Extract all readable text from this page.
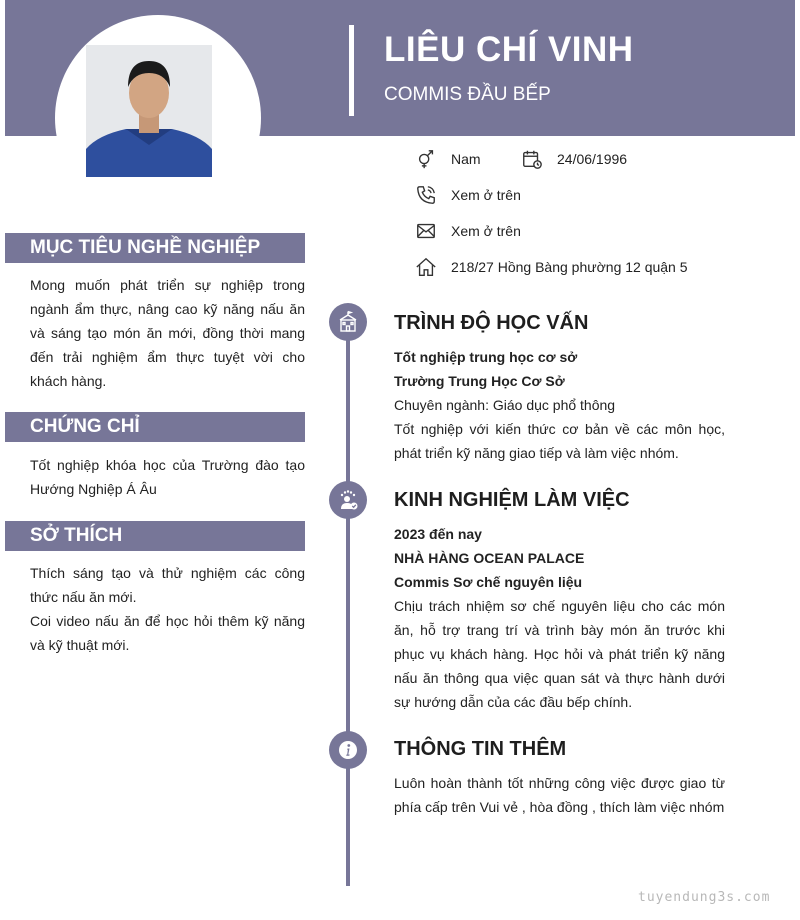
LIÊU CHÍ VINH
COMMIS ĐẦU BẾP
Nam	24/06/1996
Xem ở trên
Xem ở trên
218/27 Hồng Bàng phường 12 quận 5
MỤC TIÊU NGHỀ NGHIỆP

Mong muốn phát triển sự nghiệp trong ngành ẩm thực, nâng cao kỹ năng nấu ăn và sáng tạo món ăn mới, đồng thời mang đến trải nghiệm ẩm thực tuyệt vời cho khách hàng.

CHỨNG CHỈ

Tốt nghiệp khóa học của Trường đào tạo Hướng Nghiệp Á Âu

SỞ THÍCH

Thích sáng tạo và thử nghiệm các công thức nấu ăn mới.

Coi video nấu ăn để học hỏi thêm kỹ năng và kỹ thuật mới.

TRÌNH ĐỘ HỌC VẤN
Tốt nghiệp trung học cơ sở
Trường Trung Học Cơ Sở
Chuyên ngành: Giáo dục phổ thông
Tốt nghiệp với kiến thức cơ bản về các môn học, phát triển kỹ năng giao tiếp và làm việc nhóm.
KINH NGHIỆM LÀM VIỆC
2023 đến nay
NHÀ HÀNG OCEAN PALACE
Commis Sơ chế nguyên liệu
Chịu trách nhiệm sơ chế nguyên liệu cho các món ăn, hỗ trợ trang trí và trình bày món ăn trước khi phục vụ khách hàng. Học hỏi và phát triển kỹ năng nấu ăn thông qua việc quan sát và thực hành dưới sự hướng dẫn của các đầu bếp chính.
THÔNG TIN THÊM
Luôn hoàn thành tốt những công việc được giao từ phía cấp trên Vui vẻ , hòa đồng , thích làm việc nhóm
tuyendung3s.com
